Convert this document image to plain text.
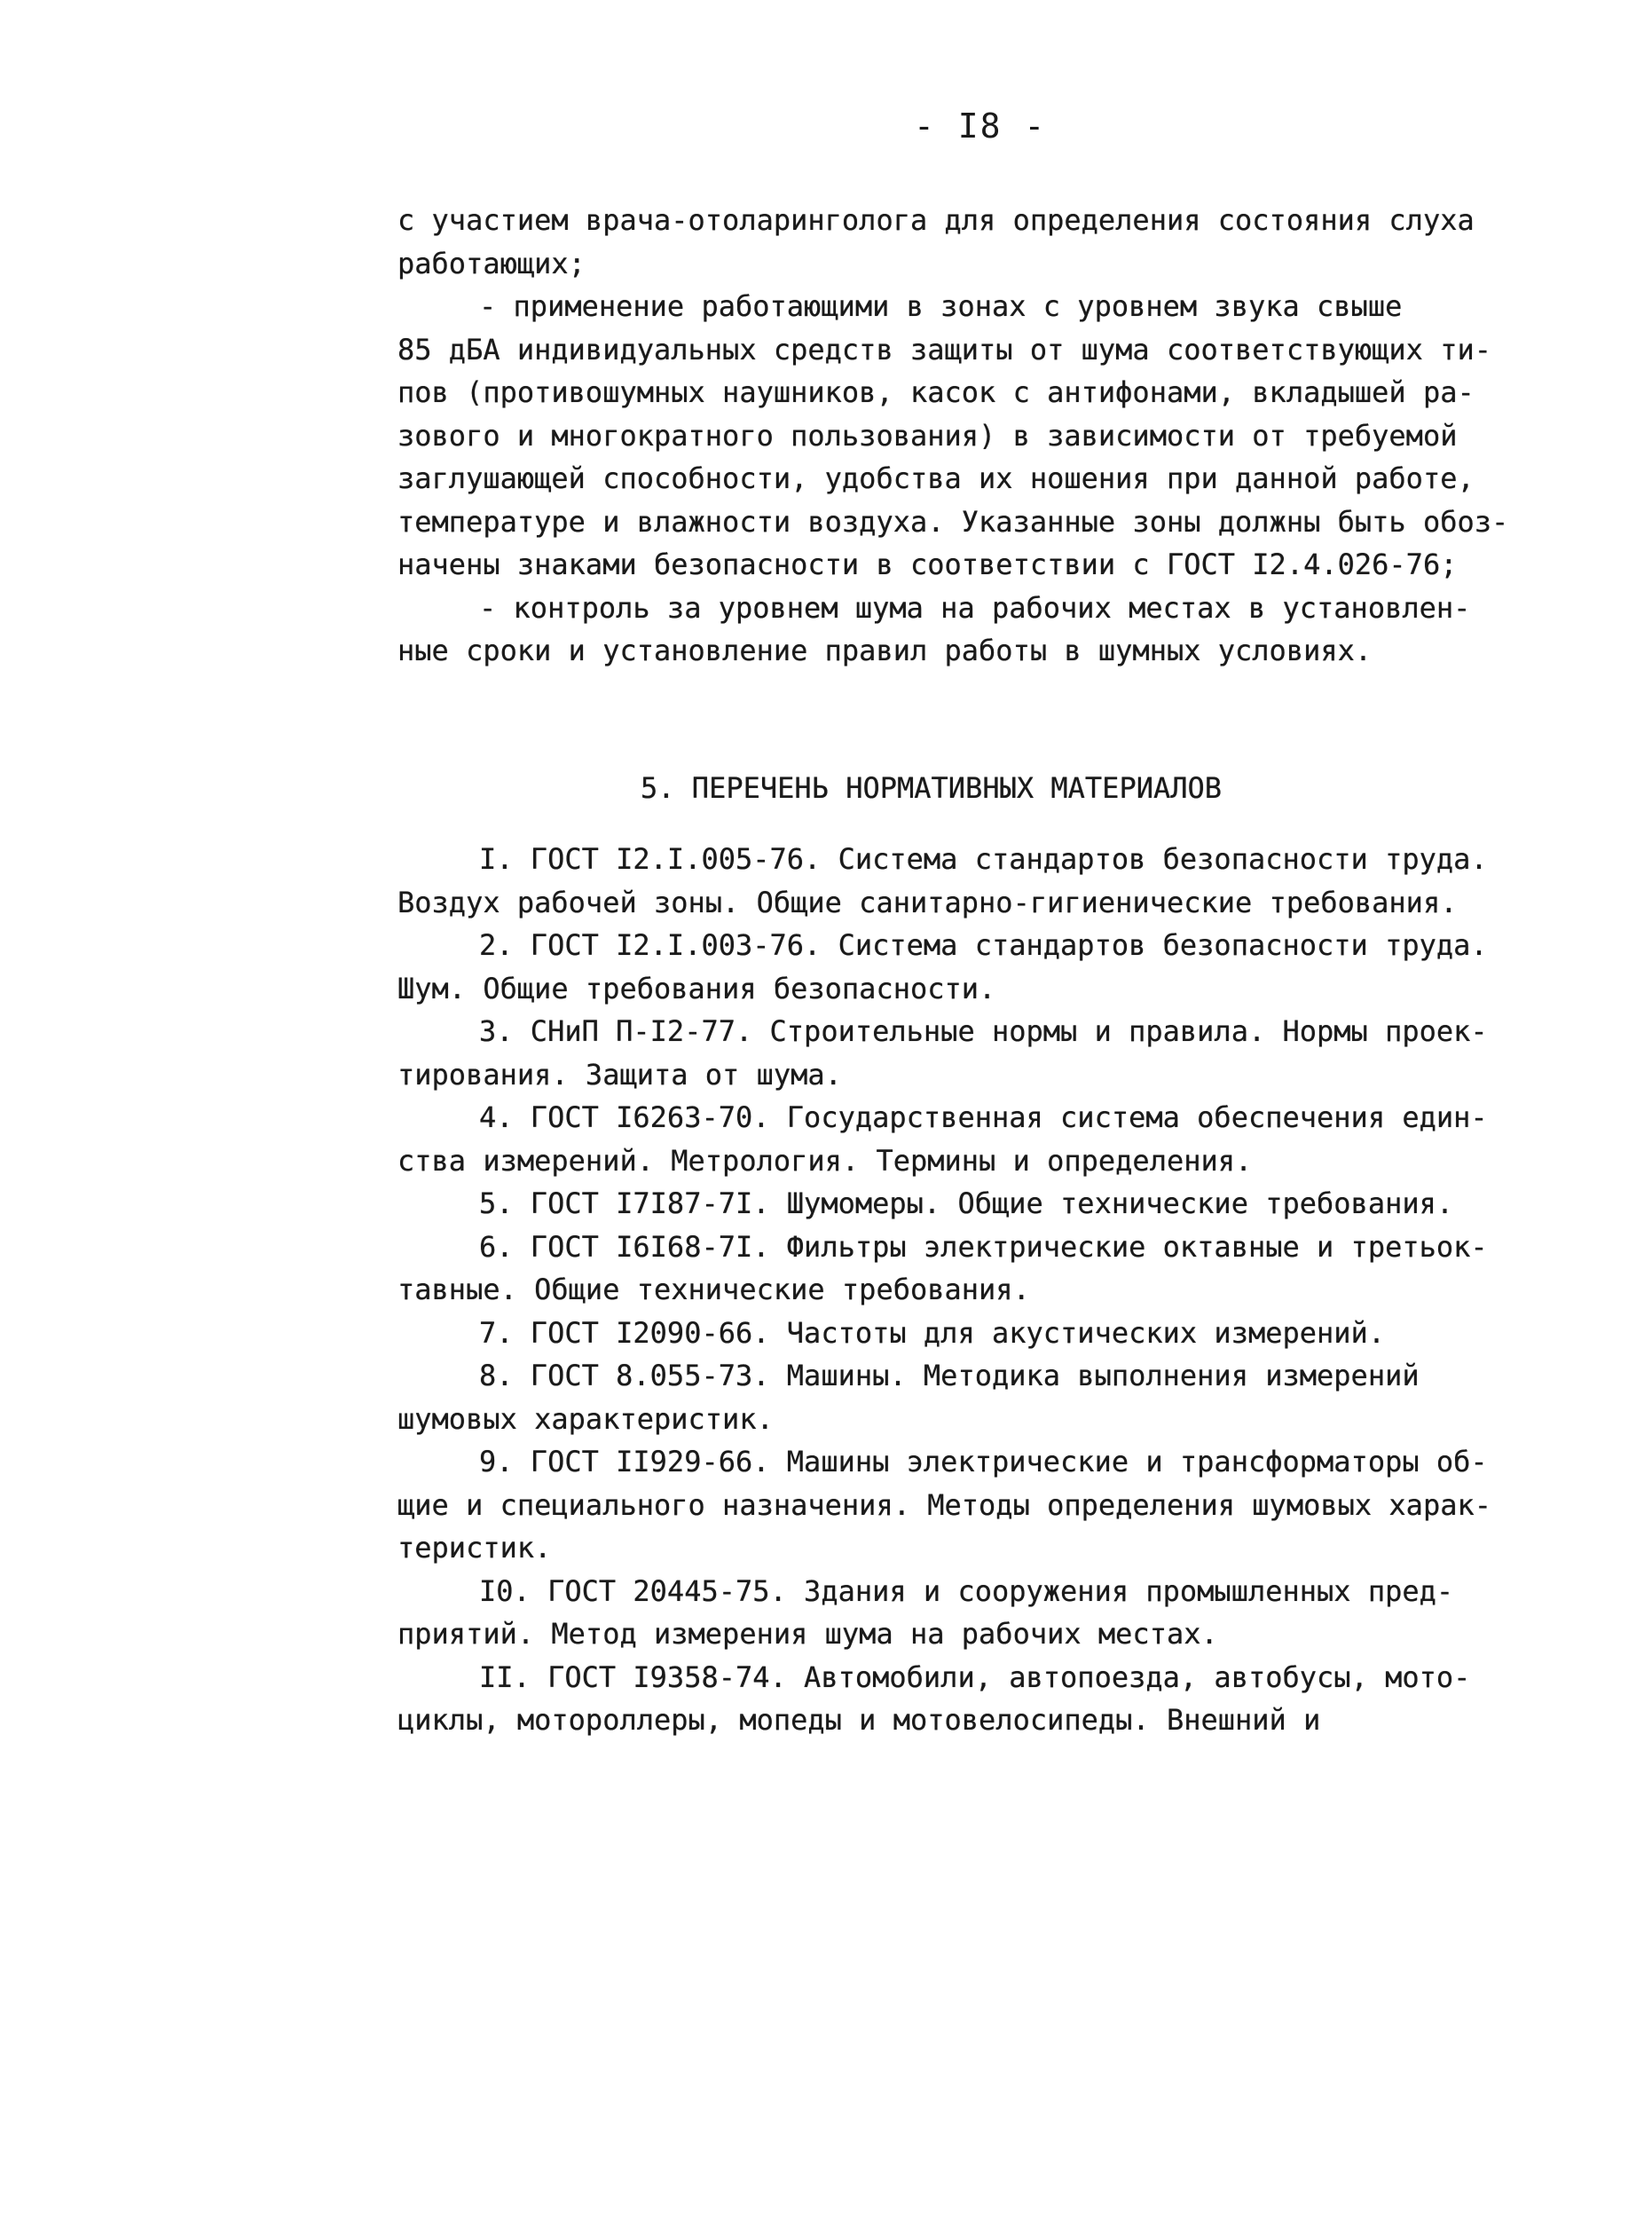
- I8 -
с участием врача-отоларинголога для определения состояния слуха
работающих;
- применение работающими в зонах с уровнем звука свыше
85 дБА индивидуальных средств защиты от шума соответствующих ти-
пов (противошумных наушников, касок с антифонами, вкладышей ра-
зового и многократного пользования) в зависимости от требуемой
заглушающей способности, удобства их ношения при данной работе,
температуре и влажности воздуха. Указанные зоны должны быть обоз-
начены знаками безопасности в соответствии с ГОСТ I2.4.026-76;
- контроль за уровнем шума на рабочих местах в установлен-
ные сроки и установление правил работы в шумных условиях.
5. ПЕРЕЧЕНЬ НОРМАТИВНЫХ МАТЕРИАЛОВ
I. ГОСТ I2.I.005-76. Система стандартов безопасности труда.
Воздух рабочей зоны. Общие санитарно-гигиенические требования.
2. ГОСТ I2.I.003-76. Система стандартов безопасности труда.
Шум. Общие требования безопасности.
3. СНиП П-I2-77. Строительные нормы и правила. Нормы проек-
тирования. Защита от шума.
4. ГОСТ I6263-70. Государственная система обеспечения един-
ства измерений. Метрология. Термины и определения.
5. ГОСТ I7I87-7I. Шумомеры. Общие технические требования.
6. ГОСТ I6I68-7I. Фильтры электрические октавные и третьок-
тавные. Общие технические требования.
7. ГОСТ I2090-66. Частоты для акустических измерений.
8. ГОСТ 8.055-73. Машины. Методика выполнения измерений
шумовых характеристик.
9. ГОСТ II929-66. Машины электрические и трансформаторы об-
щие и специального назначения. Методы определения шумовых харак-
теристик.
I0. ГОСТ 20445-75. Здания и сооружения промышленных пред-
приятий. Метод измерения шума на рабочих местах.
II. ГОСТ I9358-74. Автомобили, автопоезда, автобусы, мото-
циклы, мотороллеры, мопеды и мотовелосипеды. Внешний и
